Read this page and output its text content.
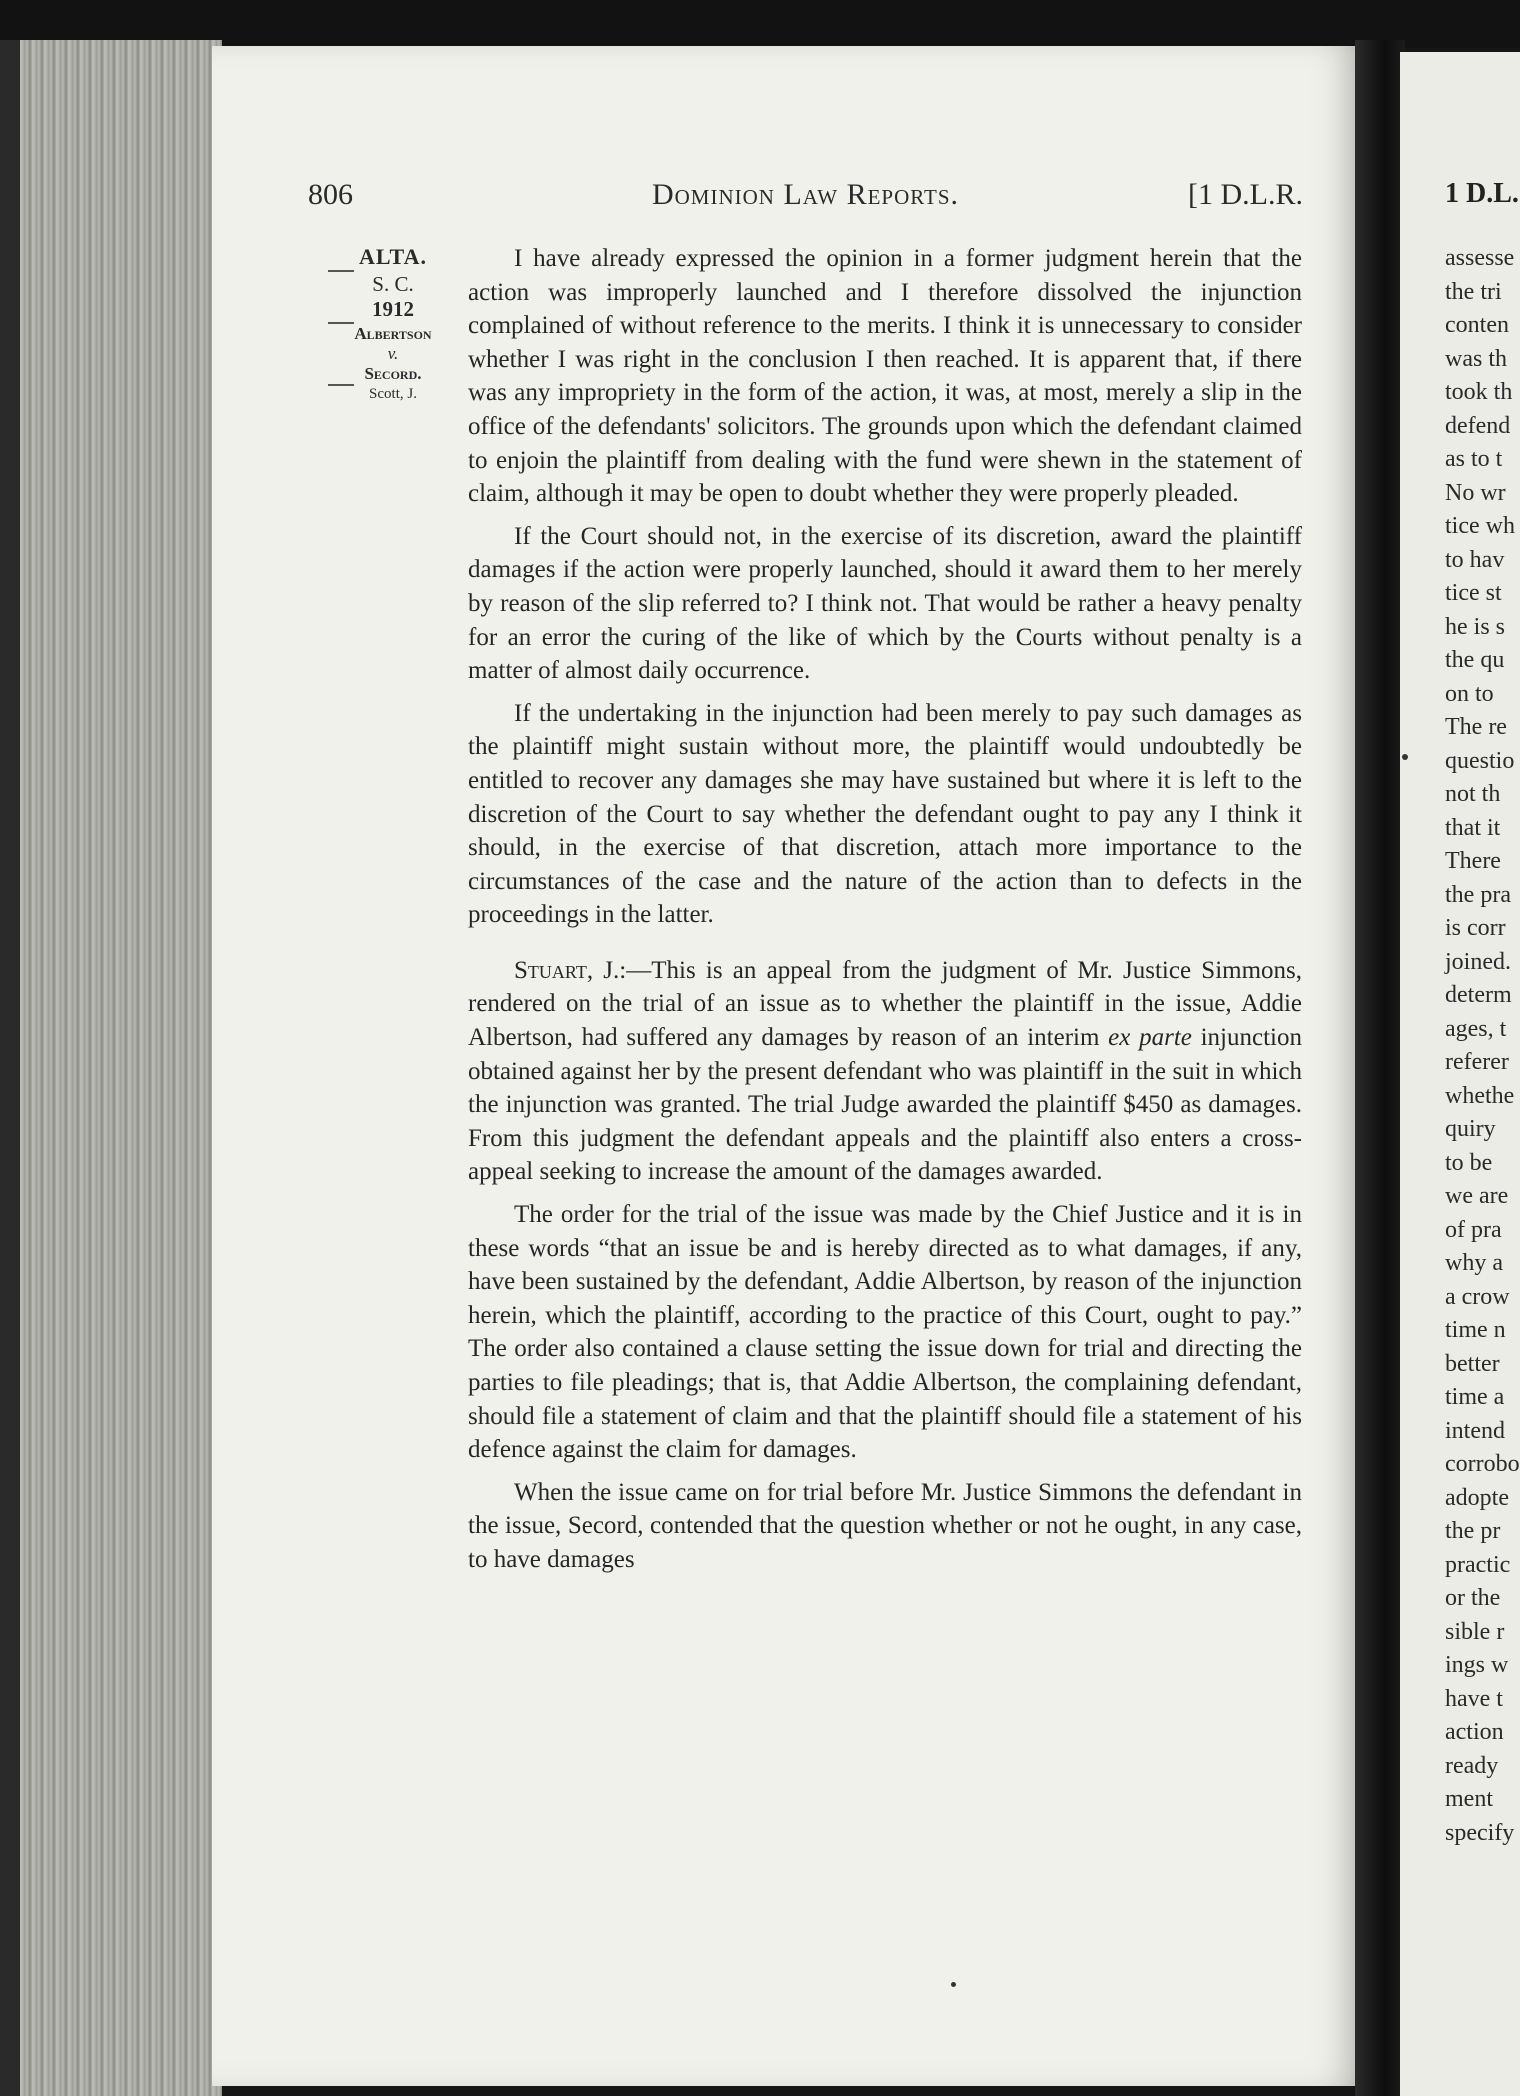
1 D.L.
assesse
the tri
conten
was th
took th
defend
as to t
No wr
tice wh
to hav
tice st
he is s
the qu
on to
The re
questio
not th
that it
There
the pra
is corr
joined.
determ
ages, t
referer
whethe
quiry
to be
we are
of pra
why a
a crow
time n
better
time a
intend
corrobo
adopte
the pr
practic
or the
sible r
ings w
have t
action
ready
ment
specify
Dominion Law Reports.
806	[1 D.L.R.
ALTA.
S. C.
1912
Albertson
v.
Secord.
Scott, J.

I have already expressed the opinion in a former judgment herein that the action was improperly launched and I therefore dissolved the injunction complained of without reference to the merits. I think it is unnecessary to consider whether I was right in the conclusion I then reached. It is apparent that, if there was any impropriety in the form of the action, it was, at most, merely a slip in the office of the defendants' solicitors. The grounds upon which the defendant claimed to enjoin the plaintiff from dealing with the fund were shewn in the statement of claim, although it may be open to doubt whether they were properly pleaded.

If the Court should not, in the exercise of its discretion, award the plaintiff damages if the action were properly launched, should it award them to her merely by reason of the slip referred to? I think not. That would be rather a heavy penalty for an error the curing of the like of which by the Courts without penalty is a matter of almost daily occurrence.

If the undertaking in the injunction had been merely to pay such damages as the plaintiff might sustain without more, the plaintiff would undoubtedly be entitled to recover any damages she may have sustained but where it is left to the discretion of the Court to say whether the defendant ought to pay any I think it should, in the exercise of that discretion, attach more importance to the circumstances of the case and the nature of the action than to defects in the proceedings in the latter.

Stuart, J.:—This is an appeal from the judgment of Mr. Justice Simmons, rendered on the trial of an issue as to whether the plaintiff in the issue, Addie Albertson, had suffered any damages by reason of an interim ex parte injunction obtained against her by the present defendant who was plaintiff in the suit in which the injunction was granted. The trial Judge awarded the plaintiff $450 as damages. From this judgment the defendant appeals and the plaintiff also enters a cross-appeal seeking to increase the amount of the damages awarded.

The order for the trial of the issue was made by the Chief Justice and it is in these words “that an issue be and is hereby directed as to what damages, if any, have been sustained by the defendant, Addie Albertson, by reason of the injunction herein, which the plaintiff, according to the practice of this Court, ought to pay.” The order also contained a clause setting the issue down for trial and directing the parties to file pleadings; that is, that Addie Albertson, the complaining defendant, should file a statement of claim and that the plaintiff should file a statement of his defence against the claim for damages.

When the issue came on for trial before Mr. Justice Simmons the defendant in the issue, Secord, contended that the question whether or not he ought, in any case, to have damages
